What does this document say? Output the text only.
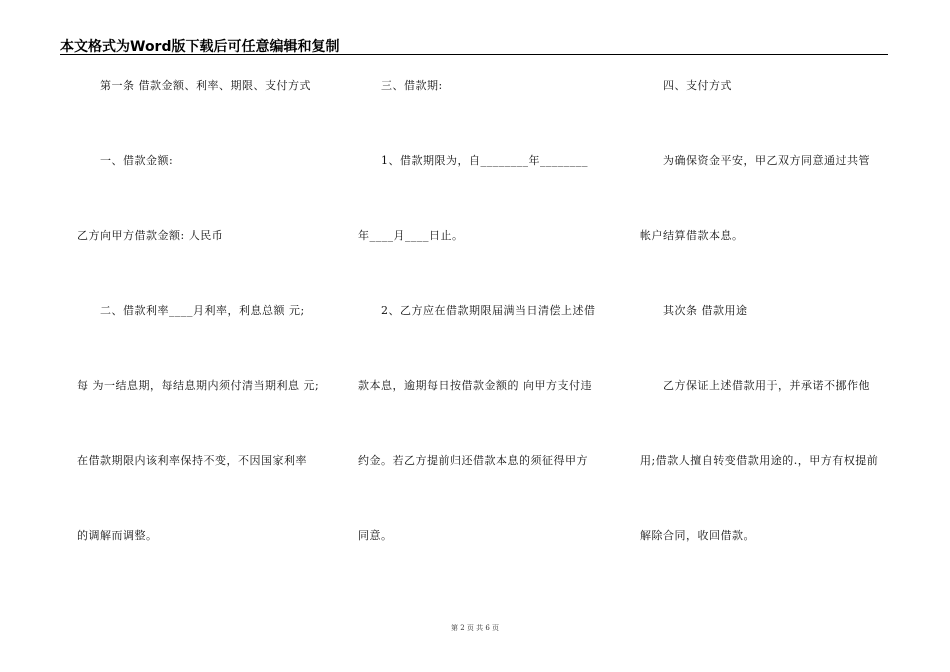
本文格式为Word版下载后可任意编辑和复制
第一条 借款金额、利率、期限、支付方式
一、借款金额:
乙方向甲方借款金额: 人民币
二、借款利率____月利率，利息总额 元;
每 为一结息期，每结息期内须付清当期利息 元;
在借款期限内该利率保持不变，不因国家利率
的调解而调整。
三、借款期:
1、借款期限为，自________年________
年____月____日止。
2、乙方应在借款期限届满当日清偿上述借
款本息，逾期每日按借款金额的 向甲方支付违
约金。若乙方提前归还借款本息的须征得甲方
同意。
四、支付方式
为确保资金平安，甲乙双方同意通过共管
帐户结算借款本息。
其次条 借款用途
乙方保证上述借款用于，并承诺不挪作他
用;借款人擅自转变借款用途的.，甲方有权提前
解除合同，收回借款。
第 2 页 共 6 页
